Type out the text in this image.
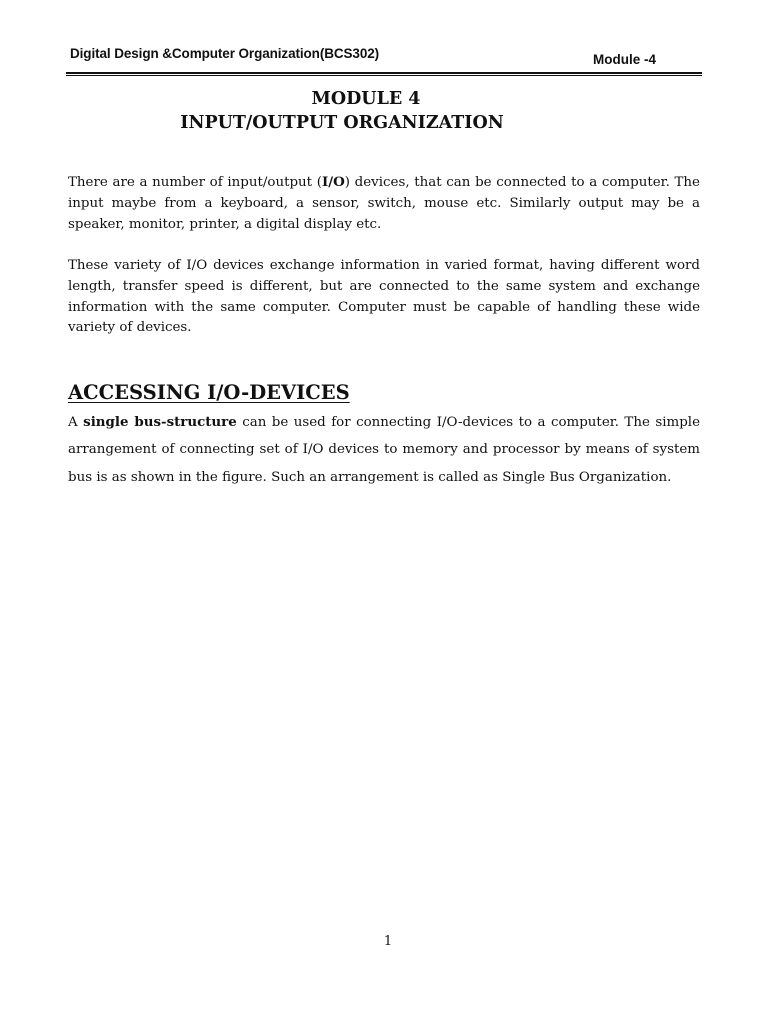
Digital Design &Computer Organization(BCS302)	Module -4
MODULE 4
INPUT/OUTPUT ORGANIZATION

There are a number of input/output (I/O) devices, that can be connected to a computer. The input maybe from a keyboard, a sensor, switch, mouse etc. Similarly output may be a speaker, monitor, printer, a digital display etc.

These variety of I/O devices exchange information in varied format, having different word length, transfer speed is different, but are connected to the same system and exchange information with the same computer. Computer must be capable of handling these wide variety of devices.

ACCESSING I/O-DEVICES

A single bus-structure can be used for connecting I/O-devices to a computer. The simple arrangement of connecting set of I/O devices to memory and processor by means of system bus is as shown in the figure. Such an arrangement is called as Single Bus Organization.

1
